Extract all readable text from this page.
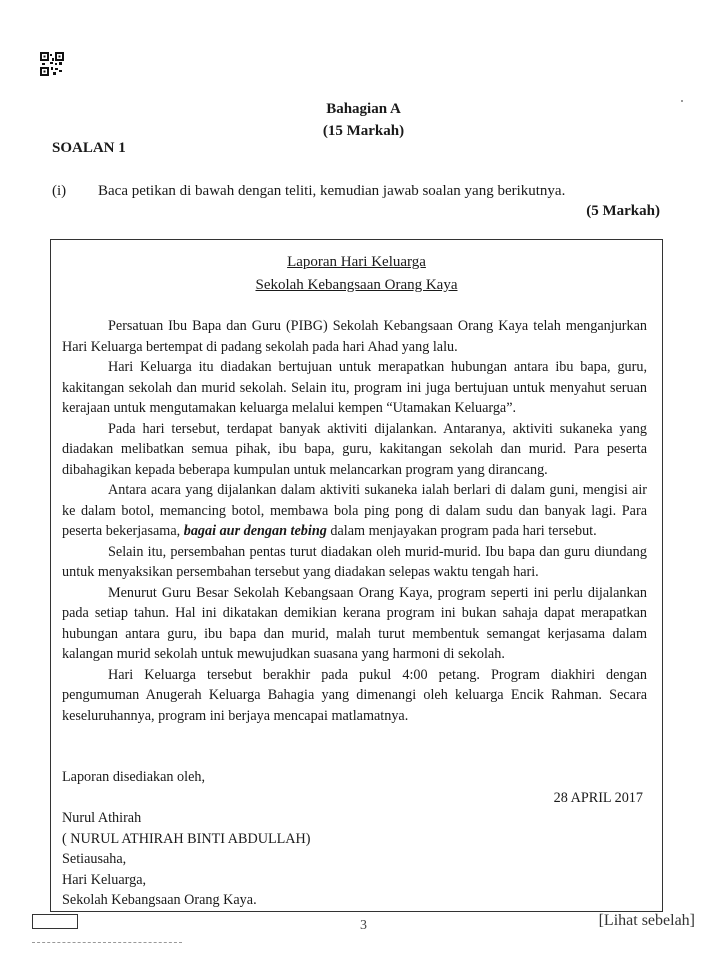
Bahagian A
(15 Markah)
SOALAN 1
(i) Baca petikan di bawah dengan teliti, kemudian jawab soalan yang berikutnya.
(5 Markah)
Laporan Hari Keluarga
Sekolah Kebangsaan Orang Kaya

Persatuan Ibu Bapa dan Guru (PIBG) Sekolah Kebangsaan Orang Kaya telah menganjurkan Hari Keluarga bertempat di padang sekolah pada hari Ahad yang lalu.

Hari Keluarga itu diadakan bertujuan untuk merapatkan hubungan antara ibu bapa, guru, kakitangan sekolah dan murid sekolah. Selain itu, program ini juga bertujuan untuk menyahut seruan kerajaan untuk mengutamakan keluarga melalui kempen “Utamakan Keluarga”.

Pada hari tersebut, terdapat banyak aktiviti dijalankan. Antaranya, aktiviti sukaneka yang diadakan melibatkan semua pihak, ibu bapa, guru, kakitangan sekolah dan murid. Para peserta dibahagikan kepada beberapa kumpulan untuk melancarkan program yang dirancang.

Antara acara yang dijalankan dalam aktiviti sukaneka ialah berlari di dalam guni, mengisi air ke dalam botol, memancing botol, membawa bola ping pong di dalam sudu dan banyak lagi. Para peserta bekerjasama, bagai aur dengan tebing dalam menjayakan program pada hari tersebut.

Selain itu, persembahan pentas turut diadakan oleh murid-murid. Ibu bapa dan guru diundang untuk menyaksikan persembahan tersebut yang diadakan selepas waktu tengah hari.

Menurut Guru Besar Sekolah Kebangsaan Orang Kaya, program seperti ini perlu dijalankan pada setiap tahun. Hal ini dikatakan demikian kerana program ini bukan sahaja dapat merapatkan hubungan antara guru, ibu bapa dan murid, malah turut membentuk semangat kerjasama dalam kalangan murid sekolah untuk mewujudkan suasana yang harmoni di sekolah.

Hari Keluarga tersebut berakhir pada pukul 4:00 petang. Program diakhiri dengan pengumuman Anugerah Keluarga Bahagia yang dimenangi oleh keluarga Encik Rahman. Secara keseluruhannya, program ini berjaya mencapai matlamatnya.

Laporan disediakan oleh,
28 APRIL 2017
Nurul Athirah
( NURUL ATHIRAH BINTI ABDULLAH)
Setiausaha,
Hari Keluarga,
Sekolah Kebangsaan Orang Kaya.
3	[Lihat sebelah]
